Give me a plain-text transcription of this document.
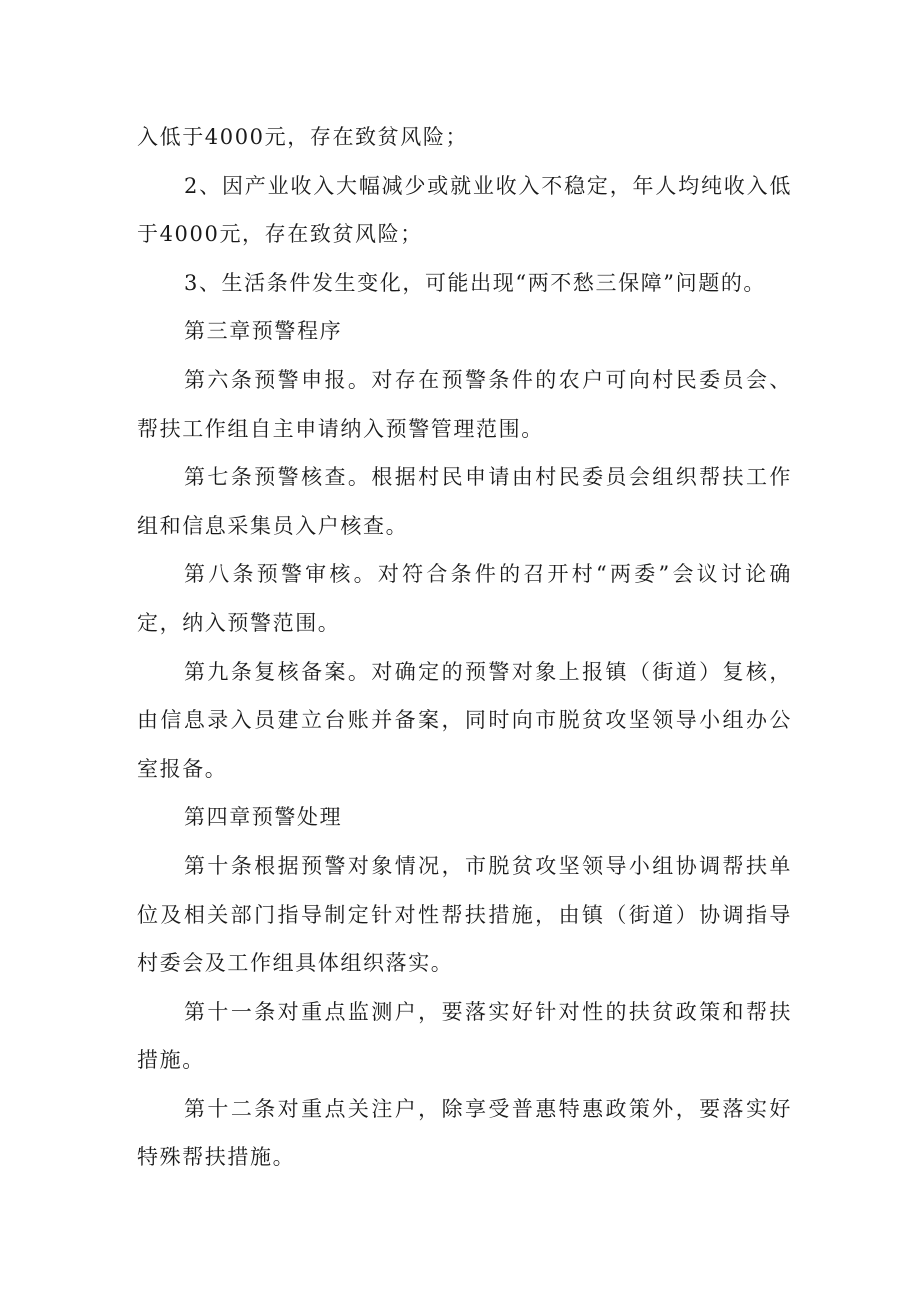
入低于4000元，存在致贫风险；

2、因产业收入大幅减少或就业收入不稳定，年人均纯收入低于4000元，存在致贫风险；

3、生活条件发生变化，可能出现“两不愁三保障”问题的。

第三章预警程序

第六条预警申报。对存在预警条件的农户可向村民委员会、帮扶工作组自主申请纳入预警管理范围。

第七条预警核查。根据村民申请由村民委员会组织帮扶工作组和信息采集员入户核查。

第八条预警审核。对符合条件的召开村“两委”会议讨论确定，纳入预警范围。

第九条复核备案。对确定的预警对象上报镇（街道）复核，由信息录入员建立台账并备案，同时向市脱贫攻坚领导小组办公室报备。

第四章预警处理

第十条根据预警对象情况，市脱贫攻坚领导小组协调帮扶单位及相关部门指导制定针对性帮扶措施，由镇（街道）协调指导村委会及工作组具体组织落实。

第十一条对重点监测户，要落实好针对性的扶贫政策和帮扶措施。

第十二条对重点关注户，除享受普惠特惠政策外，要落实好特殊帮扶措施。
